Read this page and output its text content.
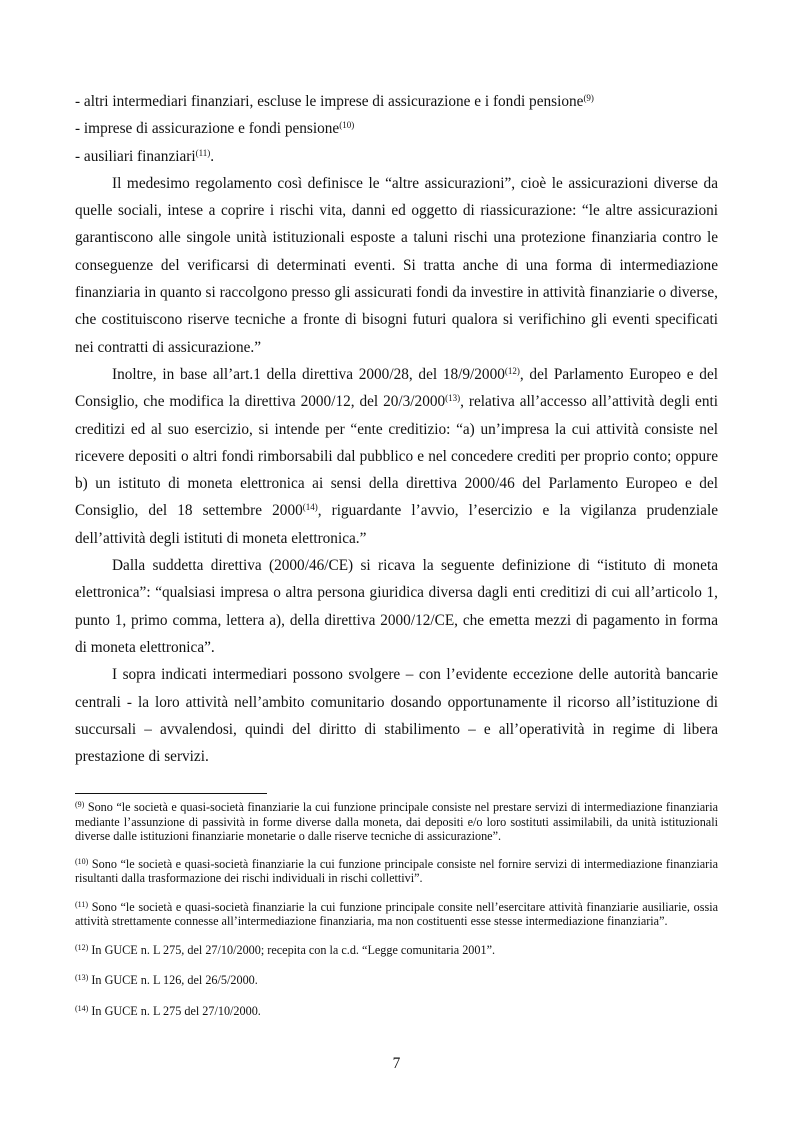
- altri intermediari finanziari, escluse le imprese di assicurazione e i fondi pensione$^{(9)}$

- imprese di assicurazione e fondi pensione$^{(10)}$

- ausiliari finanziari$^{(11)}$.

Il medesimo regolamento così definisce le “altre assicurazioni”, cioè le assicurazioni diverse da quelle sociali, intese a coprire i rischi vita, danni ed oggetto di riassicurazione: “le altre assicurazioni garantiscono alle singole unità istituzionali esposte a taluni rischi una protezione finanziaria contro le conseguenze del verificarsi di determinati eventi. Si tratta anche di una forma di intermediazione finanziaria in quanto si raccolgono presso gli assicurati fondi da investire in attività finanziarie o diverse, che costituiscono riserve tecniche a fronte di bisogni futuri qualora si verifichino gli eventi specificati nei contratti di assicurazione.”

Inoltre, in base all’art.1 della direttiva 2000/28, del 18/9/2000$^{(12)}$, del Parlamento Europeo e del Consiglio, che modifica la direttiva 2000/12, del 20/3/2000$^{(13)}$, relativa all’accesso all’attività degli enti creditizi ed al suo esercizio, si intende per “ente creditizio: “a) un’impresa la cui attività consiste nel ricevere depositi o altri fondi rimborsabili dal pubblico e nel concedere crediti per proprio conto; oppure b) un istituto di moneta elettronica ai sensi della direttiva 2000/46 del Parlamento Europeo e del Consiglio, del 18 settembre 2000$^{(14)}$, riguardante l’avvio, l’esercizio e la vigilanza prudenziale dell’attività degli istituti di moneta elettronica.”

Dalla suddetta direttiva (2000/46/CE) si ricava la seguente definizione di “istituto di moneta elettronica”: “qualsiasi impresa o altra persona giuridica diversa dagli enti creditizi di cui all’articolo 1, punto 1, primo comma, lettera a), della direttiva 2000/12/CE, che emetta mezzi di pagamento in forma di moneta elettronica”.

I sopra indicati intermediari possono svolgere – con l’evidente eccezione delle autorità bancarie centrali - la loro attività nell’ambito comunitario dosando opportunamente il ricorso all’istituzione di succursali – avvalendosi, quindi del diritto di stabilimento – e all’operatività in regime di libera prestazione di servizi.

$^{(9)}$ Sono “le società e quasi-società finanziarie la cui funzione principale consiste nel prestare servizi di intermediazione finanziaria mediante l’assunzione di passività in forme diverse dalla moneta, dai depositi e/o loro sostituti assimilabili, da unità istituzionali diverse dalle istituzioni finanziarie monetarie o dalle riserve tecniche di assicurazione”.

$^{(10)}$ Sono “le società e quasi-società finanziarie la cui funzione principale consiste nel fornire servizi di intermediazione finanziaria risultanti dalla trasformazione dei rischi individuali in rischi collettivi”.

$^{(11)}$ Sono “le società e quasi-società finanziarie la cui funzione principale consite nell’esercitare attività finanziarie ausiliarie, ossia attività strettamente connesse all’intermediazione finanziaria, ma non costituenti esse stesse intermediazione finanziaria”.

$^{(12)}$ In GUCE n. L 275, del 27/10/2000; recepita con la c.d. “Legge comunitaria 2001”.

$^{(13)}$ In GUCE n. L 126, del 26/5/2000.

$^{(14)}$ In GUCE n. L 275 del 27/10/2000.

7
